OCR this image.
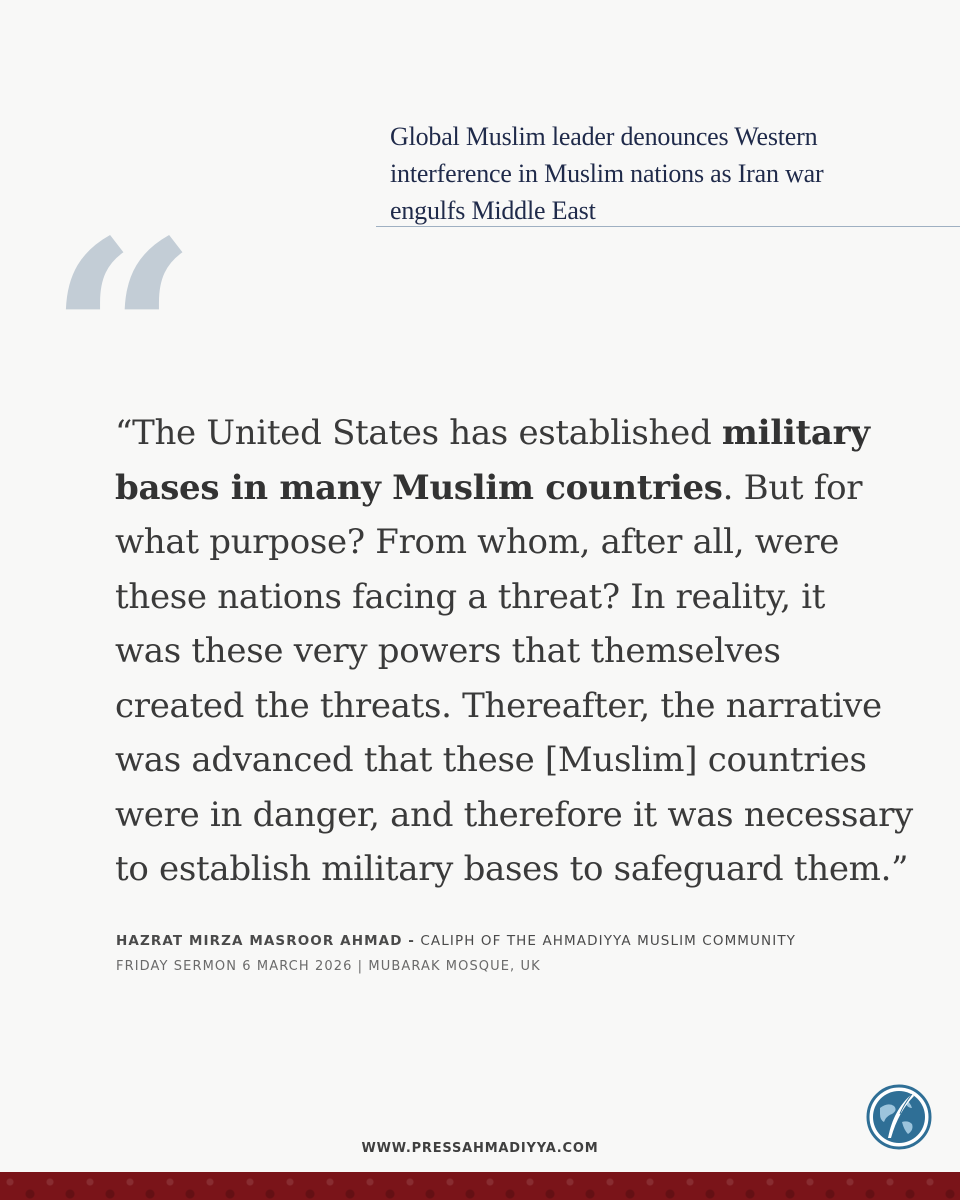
Global Muslim leader denounces Western
interference in Muslim nations as Iran war
engulfs Middle East
“
“The United States has established military
bases in many Muslim countries. But for
what purpose? From whom, after all, were
these nations facing a threat? In reality, it
was these very powers that themselves
created the threats. Thereafter, the narrative
was advanced that these [Muslim] countries
were in danger, and therefore it was necessary
to establish military bases to safeguard them.”
HAZRAT MIRZA MASROOR AHMAD - CALIPH OF THE AHMADIYYA MUSLIM COMMUNITY
FRIDAY SERMON 6 MARCH 2026 | MUBARAK MOSQUE, UK
WWW.PRESSAHMADIYYA.COM
